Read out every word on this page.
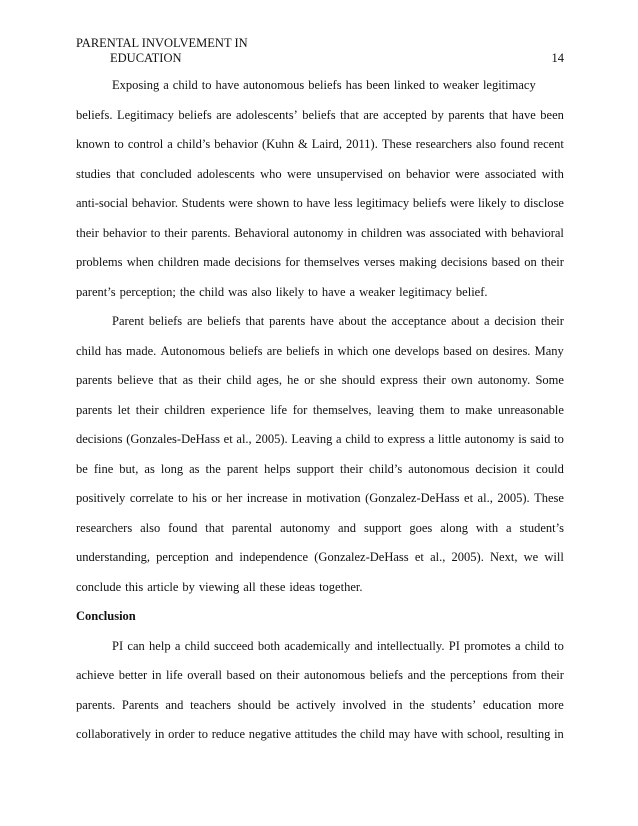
PARENTAL INVOLVEMENT IN
EDUCATION	14
Exposing a child to have autonomous beliefs has been linked to weaker legitimacy
beliefs. Legitimacy beliefs are adolescents’ beliefs that are accepted by parents that have been
known to control a child’s behavior (Kuhn & Laird, 2011). These researchers also found recent
studies that concluded adolescents who were unsupervised on behavior were associated with
anti-social behavior. Students were shown to have less legitimacy beliefs were likely to disclose
their behavior to their parents. Behavioral autonomy in children was associated with behavioral
problems when children made decisions for themselves verses making decisions based on their
parent’s perception; the child was also likely to have a weaker legitimacy belief.
Parent beliefs are beliefs that parents have about the acceptance about a decision their
child has made. Autonomous beliefs are beliefs in which one develops based on desires. Many
parents believe that as their child ages, he or she should express their own autonomy. Some
parents let their children experience life for themselves, leaving them to make unreasonable
decisions (Gonzales-DeHass et al., 2005). Leaving a child to express a little autonomy is said to
be fine but, as long as the parent helps support their child’s autonomous decision it could
positively correlate to his or her increase in motivation (Gonzalez-DeHass et al., 2005). These
researchers also found that parental autonomy and support goes along with a student’s
understanding, perception and independence (Gonzalez-DeHass et al., 2005). Next, we will
conclude this article by viewing all these ideas together.
Conclusion
PI can help a child succeed both academically and intellectually. PI promotes a child to
achieve better in life overall based on their autonomous beliefs and the perceptions from their
parents. Parents and teachers should be actively involved in the students’ education more
collaboratively in order to reduce negative attitudes the child may have with school, resulting in
